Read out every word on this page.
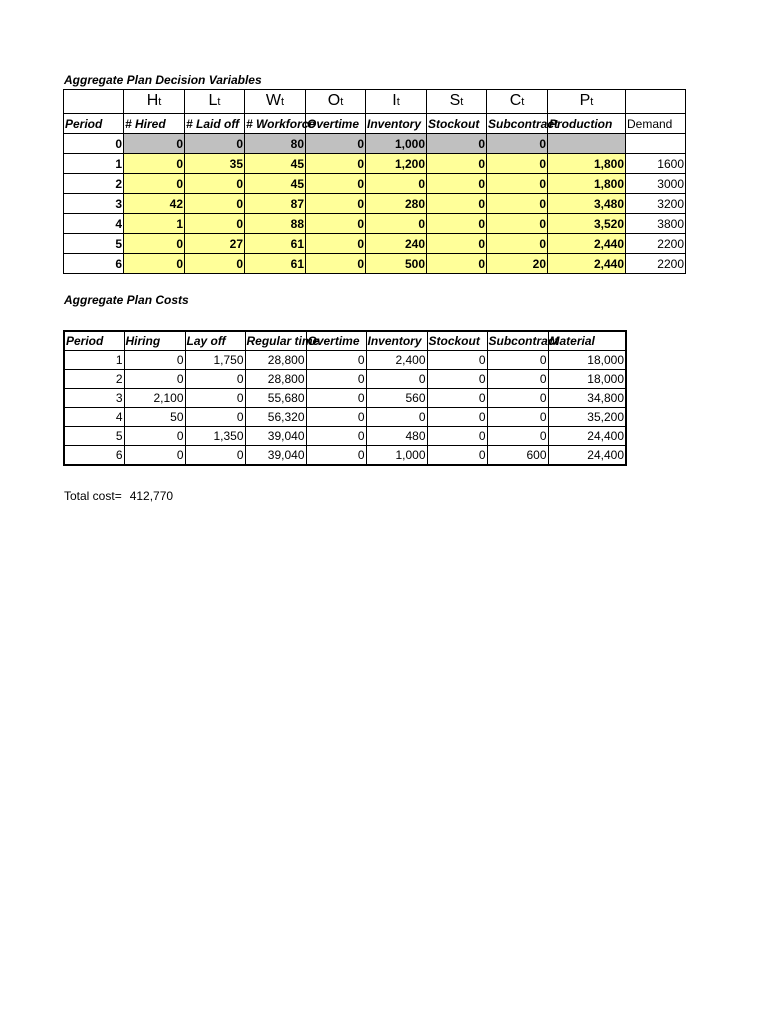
Aggregate Plan Decision Variables
	Ht	Lt	Wt	Ot	It	St	Ct	Pt	
Period	# Hired	# Laid off	# Workforce	Overtime	Inventory	Stockout	Subcontract	Production	Demand
0	0	0	80	0	1,000	0	0		
1	0	35	45	0	1,200	0	0	1,800	1600
2	0	0	45	0	0	0	0	1,800	3000
3	42	0	87	0	280	0	0	3,480	3200
4	1	0	88	0	0	0	0	3,520	3800
5	0	27	61	0	240	0	0	2,440	2200
6	0	0	61	0	500	0	20	2,440	2200
Aggregate Plan Costs
Period	Hiring	Lay off	Regular time	Overtime	Inventory	Stockout	Subcontract	Material
1	0	1,750	28,800	0	2,400	0	0	18,000
2	0	0	28,800	0	0	0	0	18,000
3	2,100	0	55,680	0	560	0	0	34,800
4	50	0	56,320	0	0	0	0	35,200
5	0	1,350	39,040	0	480	0	0	24,400
6	0	0	39,040	0	1,000	0	600	24,400
Total cost= 412,770
